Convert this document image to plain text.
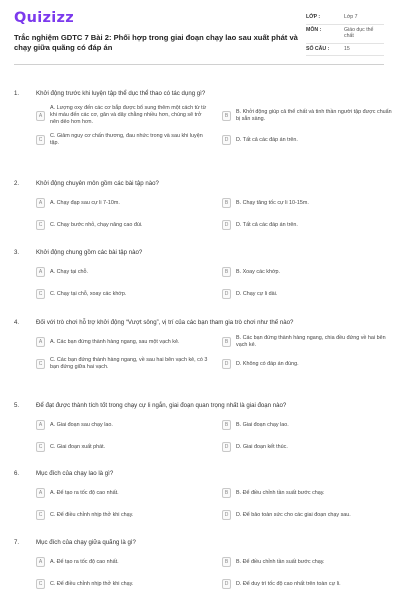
Quizizz
Trắc nghiệm GDTC 7 Bài 2: Phối hợp trong giai đoạn chạy lao sau xuất phát và chạy giữa quãng có đáp án
LỚP :	Lớp 7
MÔN :	Giáo dục thể chất
SỐ CÂU :	15
1.	Khởi động trước khi luyện tập thể dục thể thao có tác dụng gì?
A
A. Lượng oxy đến các cơ bắp được bổ sung thêm một cách từ từ khi máu đến các cơ, gân và dây chằng nhiều hơn, chúng sẽ trở nên dẻo hơn hơn.
B
B. Khởi động giúp cả thể chất và tinh thần người tập được chuẩn bị sẵn sàng.
C
C. Giảm nguy cơ chấn thương, đau nhức trong và sau khi luyện tập.	D	D. Tất cả các đáp án trên.
2.	Khởi động chuyên môn gồm các bài tập nào?
A	A. Chạy đạp sau cự li 7-10m.	B	B. Chạy tăng tốc cự li 10-15m.
C	C. Chạy bước nhỏ, chạy nâng cao đùi.	D	D. Tất cả các đáp án trên.
3.	Khởi động chung gồm các bài tập nào?
A	A. Chạy tại chỗ.	B	B. Xoay các khớp.
C	C. Chạy tại chỗ, xoay các khớp.	D	D. Chạy cự li dài.
4.	Đối với trò chơi hỗ trợ khởi động “Vượt sông”, vị trí của các bạn tham gia trò chơi như thế nào?
A	A. Các bạn đứng thành hàng ngang, sau một vạch kẻ.	B
B. Các bạn đứng thành hàng ngang, chia đều đứng về hai bên vạch kẻ.
C
C. Các bạn đứng thành hàng ngang, về sau hai bên vạch kẻ, có 3 bạn đứng giữa hai vạch.	D	D. Không có đáp án đúng.
5.	Để đạt được thành tích tốt trong chạy cự li ngắn, giai đoạn quan trọng nhất là giai đoạn nào?
A	A. Giai đoạn sau chạy lao.	B	B. Giai đoạn chạy lao.
C	C. Giai đoạn xuất phát.	D	D. Giai đoạn kết thúc.
6.	Mục đích của chạy lao là gì?
A	A. Để tạo ra tốc độ cao nhất.	B	B. Để điều chỉnh tần suất bước chạy.
C	C. Để điều chỉnh nhịp thở khi chạy.	D	D. Để bảo toàn sức cho các giai đoạn chạy sau.
7.	Mục đích của chạy giữa quãng là gì?
A	A. Để tạo ra tốc độ cao nhất.	B	B. Để điều chỉnh tần suất bước chạy.
C	C. Để điều chỉnh nhịp thở khi chạy.	D	D. Để duy trì tốc độ cao nhất trên toàn cự li.
